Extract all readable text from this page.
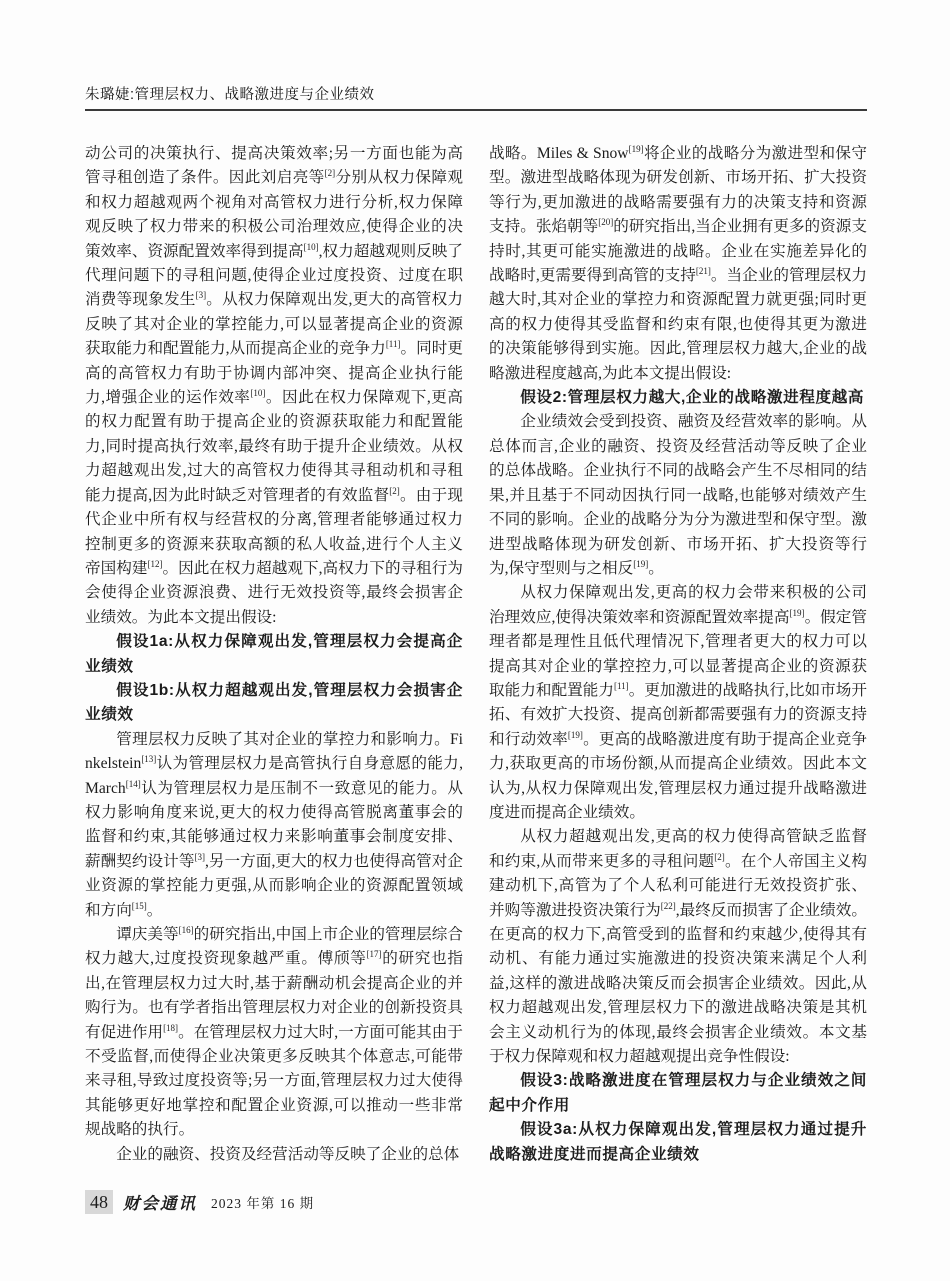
朱璐婕:管理层权力、战略激进度与企业绩效

动公司的决策执行、提高决策效率;另一方面也能为高管寻租创造了条件。因此刘启亮等[2]分别从权力保障观和权力超越观两个视角对高管权力进行分析,权力保障观反映了权力带来的积极公司治理效应,使得企业的决策效率、资源配置效率得到提高[10],权力超越观则反映了代理问题下的寻租问题,使得企业过度投资、过度在职消费等现象发生[3]。从权力保障观出发,更大的高管权力反映了其对企业的掌控能力,可以显著提高企业的资源获取能力和配置能力,从而提高企业的竞争力[11]。同时更高的高管权力有助于协调内部冲突、提高企业执行能力,增强企业的运作效率[10]。因此在权力保障观下,更高的权力配置有助于提高企业的资源获取能力和配置能力,同时提高执行效率,最终有助于提升企业绩效。从权力超越观出发,过大的高管权力使得其寻租动机和寻租能力提高,因为此时缺乏对管理者的有效监督[2]。由于现代企业中所有权与经营权的分离,管理者能够通过权力控制更多的资源来获取高额的私人收益,进行个人主义帝国构建[12]。因此在权力超越观下,高权力下的寻租行为会使得企业资源浪费、进行无效投资等,最终会损害企业绩效。为此本文提出假设:

假设1a:从权力保障观出发,管理层权力会提高企业绩效

假设1b:从权力超越观出发,管理层权力会损害企业绩效

管理层权力反映了其对企业的掌控力和影响力。Finkelstein[13]认为管理层权力是高管执行自身意愿的能力,March[14]认为管理层权力是压制不一致意见的能力。从权力影响角度来说,更大的权力使得高管脱离董事会的监督和约束,其能够通过权力来影响董事会制度安排、薪酬契约设计等[3],另一方面,更大的权力也使得高管对企业资源的掌控能力更强,从而影响企业的资源配置领域和方向[15]。

谭庆美等[16]的研究指出,中国上市企业的管理层综合权力越大,过度投资现象越严重。傅颀等[17]的研究也指出,在管理层权力过大时,基于薪酬动机会提高企业的并购行为。也有学者指出管理层权力对企业的创新投资具有促进作用[18]。在管理层权力过大时,一方面可能其由于不受监督,而使得企业决策更多反映其个体意志,可能带来寻租,导致过度投资等;另一方面,管理层权力过大使得其能够更好地掌控和配置企业资源,可以推动一些非常规战略的执行。

企业的融资、投资及经营活动等反映了企业的总体

战略。Miles & Snow[19]将企业的战略分为激进型和保守型。激进型战略体现为研发创新、市场开拓、扩大投资等行为,更加激进的战略需要强有力的决策支持和资源支持。张焰朝等[20]的研究指出,当企业拥有更多的资源支持时,其更可能实施激进的战略。企业在实施差异化的战略时,更需要得到高管的支持[21]。当企业的管理层权力越大时,其对企业的掌控力和资源配置力就更强;同时更高的权力使得其受监督和约束有限,也使得其更为激进的决策能够得到实施。因此,管理层权力越大,企业的战略激进程度越高,为此本文提出假设:

假设2:管理层权力越大,企业的战略激进程度越高

企业绩效会受到投资、融资及经营效率的影响。从总体而言,企业的融资、投资及经营活动等反映了企业的总体战略。企业执行不同的战略会产生不尽相同的结果,并且基于不同动因执行同一战略,也能够对绩效产生不同的影响。企业的战略分为分为激进型和保守型。激进型战略体现为研发创新、市场开拓、扩大投资等行为,保守型则与之相反[19]。

从权力保障观出发,更高的权力会带来积极的公司治理效应,使得决策效率和资源配置效率提高[19]。假定管理者都是理性且低代理情况下,管理者更大的权力可以提高其对企业的掌控控力,可以显著提高企业的资源获取能力和配置能力[11]。更加激进的战略执行,比如市场开拓、有效扩大投资、提高创新都需要强有力的资源支持和行动效率[19]。更高的战略激进度有助于提高企业竞争力,获取更高的市场份额,从而提高企业绩效。因此本文认为,从权力保障观出发,管理层权力通过提升战略激进度进而提高企业绩效。

从权力超越观出发,更高的权力使得高管缺乏监督和约束,从而带来更多的寻租问题[2]。在个人帝国主义构建动机下,高管为了个人私利可能进行无效投资扩张、并购等激进投资决策行为[22],最终反而损害了企业绩效。在更高的权力下,高管受到的监督和约束越少,使得其有动机、有能力通过实施激进的投资决策来满足个人利益,这样的激进战略决策反而会损害企业绩效。因此,从权力超越观出发,管理层权力下的激进战略决策是其机会主义动机行为的体现,最终会损害企业绩效。本文基于权力保障观和权力超越观提出竞争性假设:

假设3:战略激进度在管理层权力与企业绩效之间起中介作用

假设3a:从权力保障观出发,管理层权力通过提升战略激进度进而提高企业绩效

48 财会通讯 2023 年第 16 期
